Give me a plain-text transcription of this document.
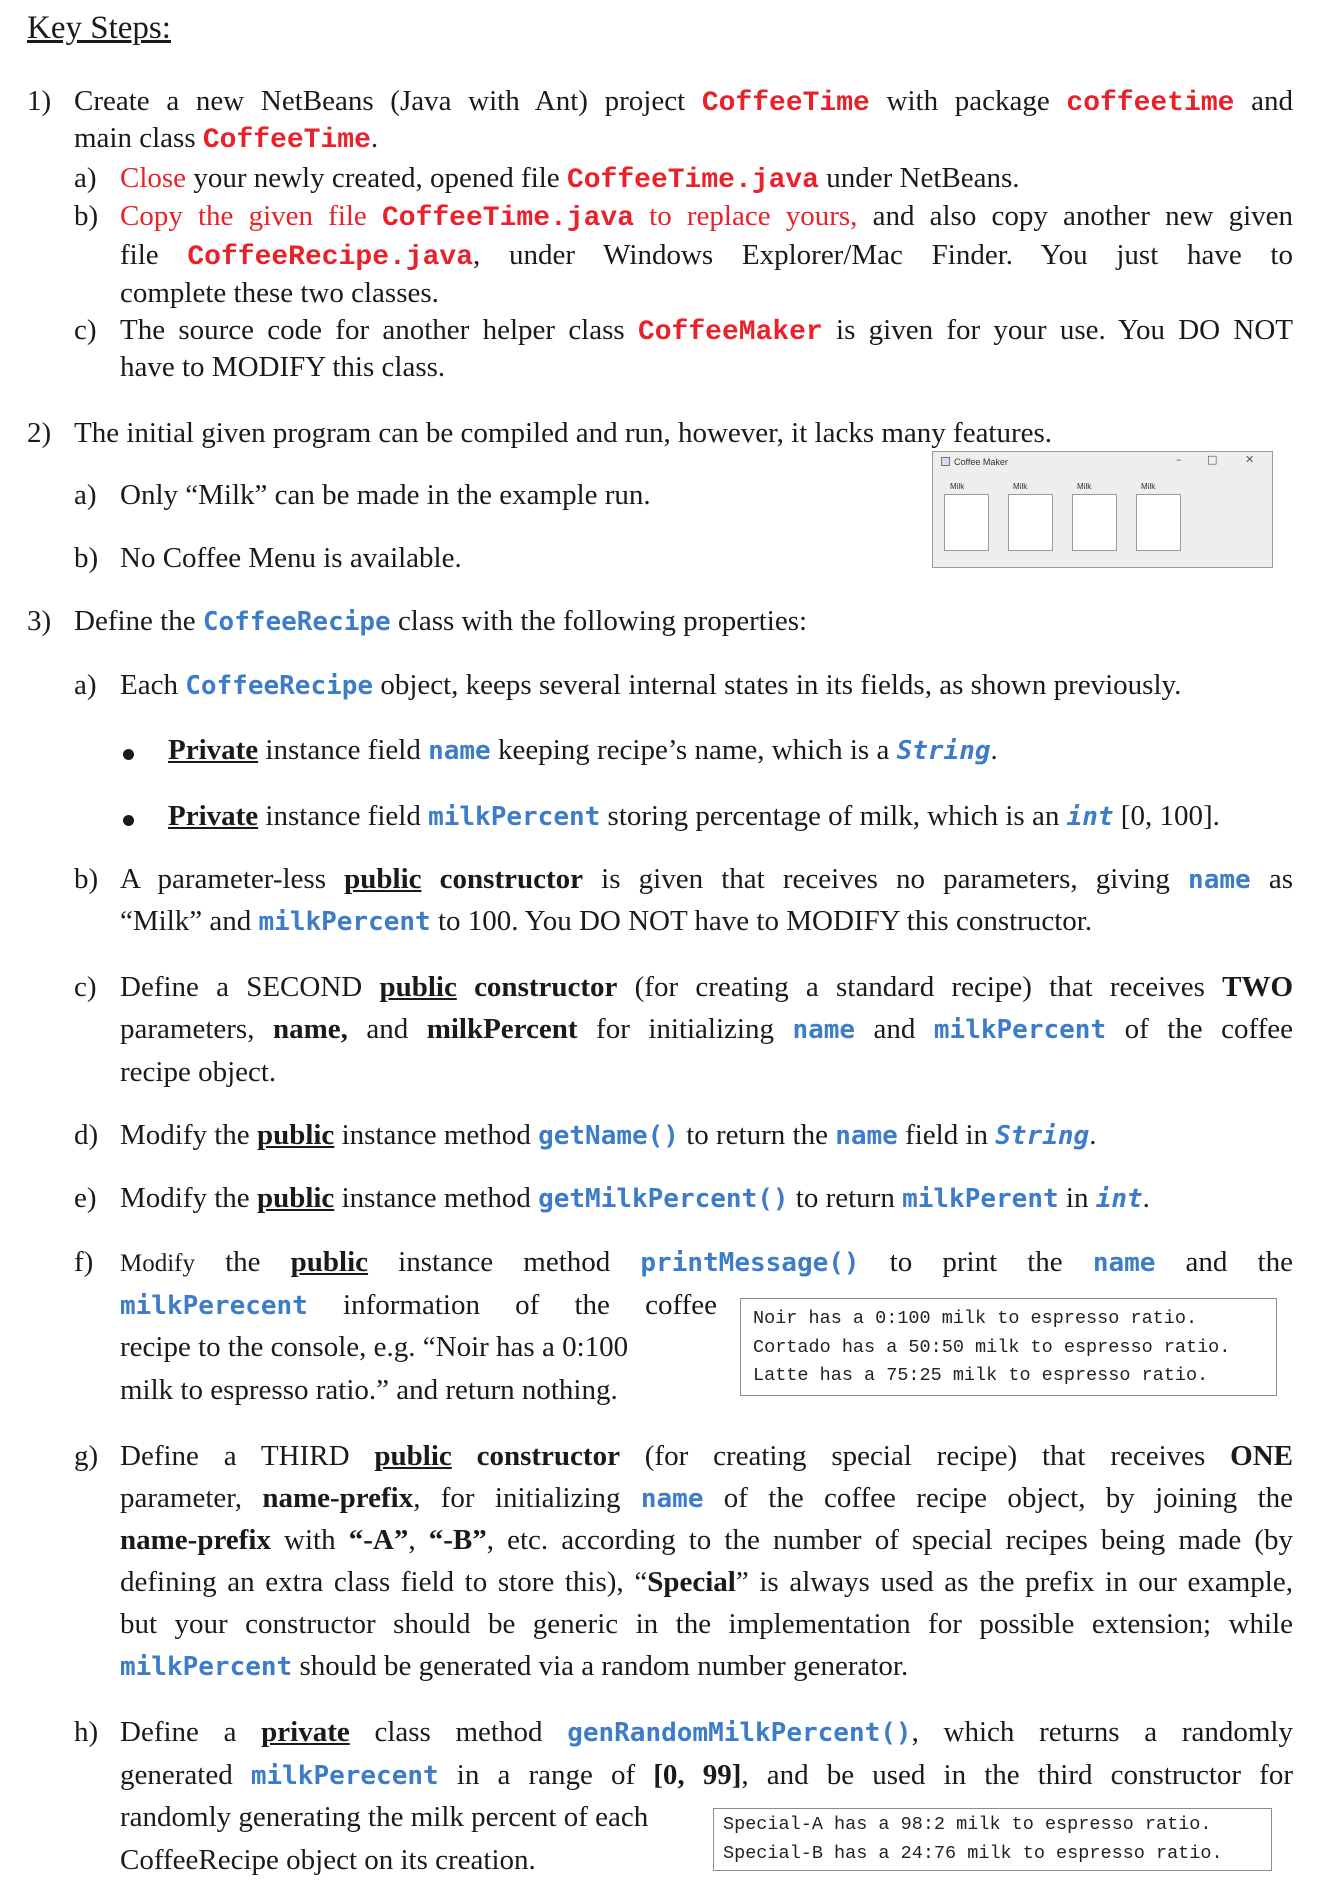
Key Steps:
1) Create a new NetBeans (Java with Ant) project CoffeeTime with package coffeetime and
main class CoffeeTime.
a) Close your newly created, opened file CoffeeTime.java under NetBeans.
b) Copy the given file CoffeeTime.java to replace yours, and also copy another new given
file CoffeeRecipe.java, under Windows Explorer/Mac Finder. You just have to
complete these two classes.
c) The source code for another helper class CoffeeMaker is given for your use. You DO NOT
have to MODIFY this class.
2) The initial given program can be compiled and run, however, it lacks many features.
a) Only “Milk” can be made in the example run.
b) No Coffee Menu is available.
Coffee Maker	– □	✕
Milk	Milk	Milk	Milk
3) Define the CoffeeRecipe class with the following properties:
a) Each CoffeeRecipe object, keeps several internal states in its fields, as shown previously.
Private instance field name keeping recipe’s name, which is a String.
Private instance field milkPercent storing percentage of milk, which is an int [0, 100].
b) A parameter-less public constructor is given that receives no parameters, giving name as
“Milk” and milkPercent to 100. You DO NOT have to MODIFY this constructor.
c) Define a SECOND public constructor (for creating a standard recipe) that receives TWO
parameters, name, and milkPercent for initializing name and milkPercent of the coffee
recipe object.
d) Modify the public instance method getName() to return the name field in String.
e) Modify the public instance method getMilkPercent() to return milkPerent in int.
f) Modify the public instance method printMessage() to print the name and the
milkPerecent information of the coffee
recipe to the console, e.g. “Noir has a 0:100
milk to espresso ratio.” and return nothing.
Noir has a 0:100 milk to espresso ratio.
Cortado has a 50:50 milk to espresso ratio.
Latte has a 75:25 milk to espresso ratio.
g) Define a THIRD public constructor (for creating special recipe) that receives ONE
parameter, name-prefix, for initializing name of the coffee recipe object, by joining the
name-prefix with “-A”, “-B”, etc. according to the number of special recipes being made (by
defining an extra class field to store this), “Special” is always used as the prefix in our example,
but your constructor should be generic in the implementation for possible extension; while
milkPercent should be generated via a random number generator.
h) Define a private class method genRandomMilkPercent(), which returns a randomly
generated milkPerecent in a range of [0, 99], and be used in the third constructor for
randomly generating the milk percent of each
CoffeeRecipe object on its creation.
Special-A has a 98:2 milk to espresso ratio.
Special-B has a 24:76 milk to espresso ratio.
